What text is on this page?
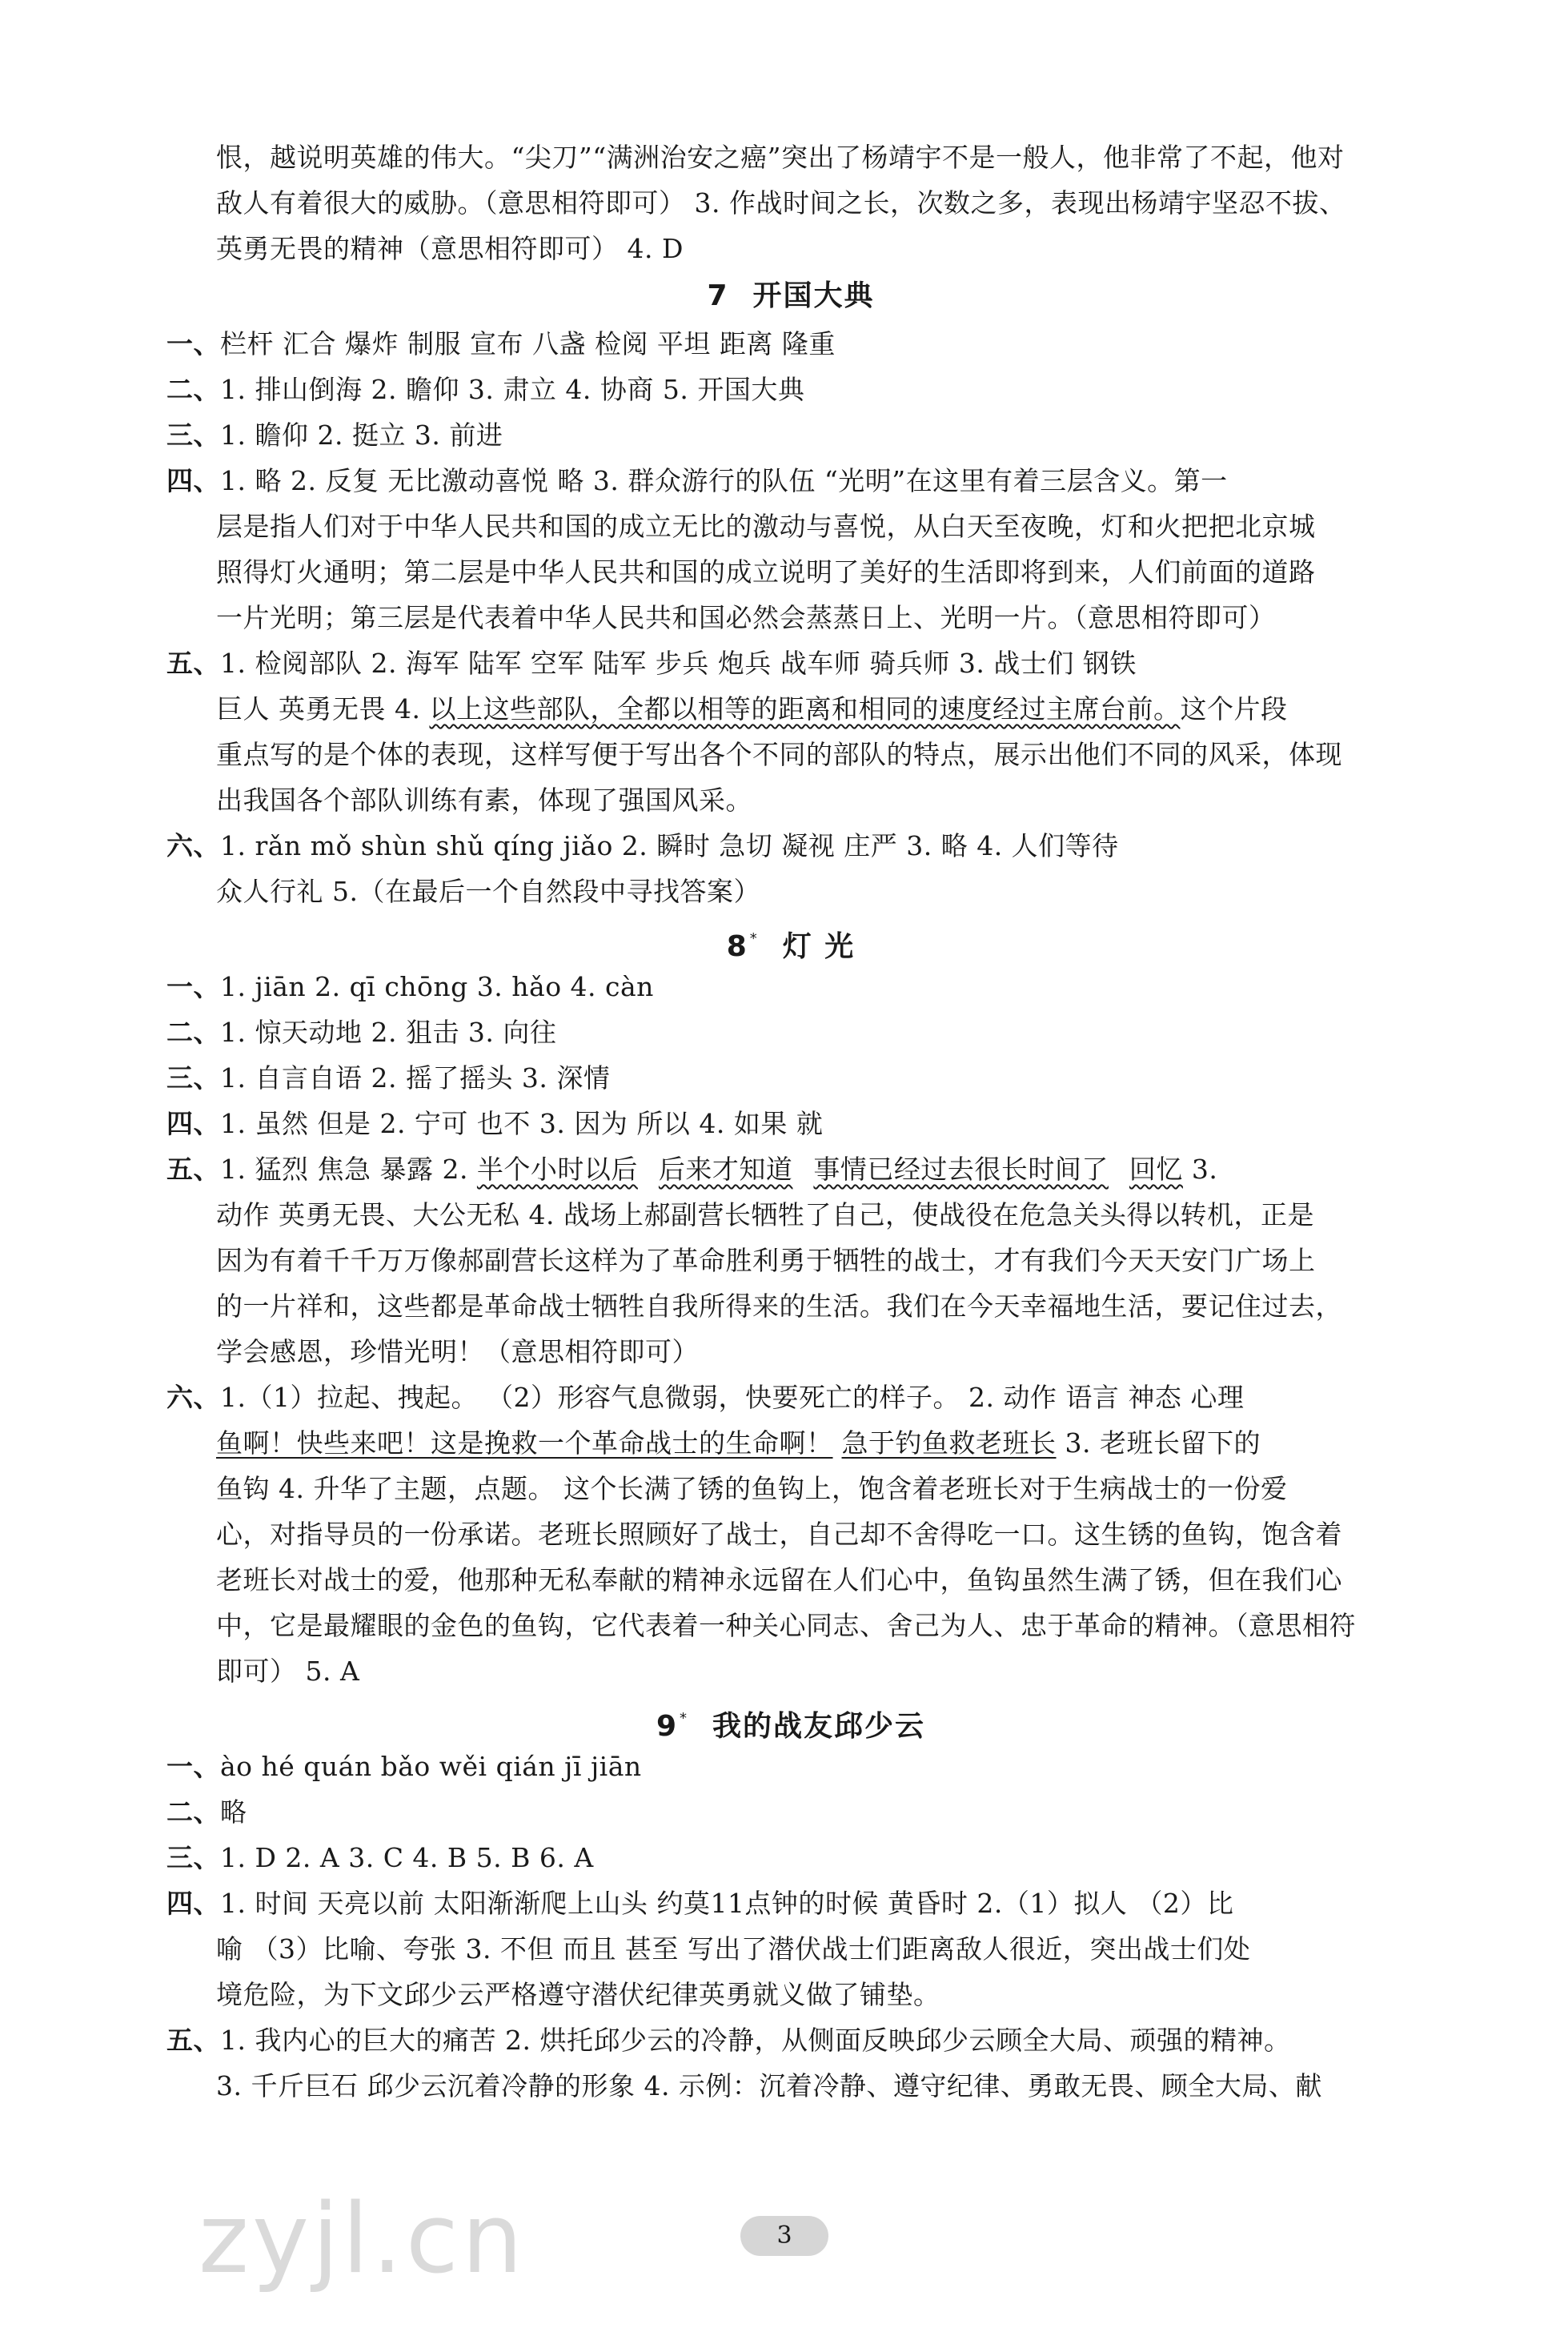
恨，越说明英雄的伟大。“尖刀”“满洲治安之癌”突出了杨靖宇不是一般人，他非常了不起，他对
敌人有着很大的威胁。（意思相符即可） 3. 作战时间之长，次数之多，表现出杨靖宇坚忍不拔、
英勇无畏的精神（意思相符即可） 4. D
7 开国大典
一、栏杆 汇合 爆炸 制服 宣布 八盏 检阅 平坦 距离 隆重
二、1. 排山倒海 2. 瞻仰 3. 肃立 4. 协商 5. 开国大典
三、1. 瞻仰 2. 挺立 3. 前进
四、1. 略 2. 反复 无比激动喜悦 略 3. 群众游行的队伍 “光明”在这里有着三层含义。第一
层是指人们对于中华人民共和国的成立无比的激动与喜悦，从白天至夜晚，灯和火把把北京城
照得灯火通明；第二层是中华人民共和国的成立说明了美好的生活即将到来，人们前面的道路
一片光明；第三层是代表着中华人民共和国必然会蒸蒸日上、光明一片。（意思相符即可）
五、1. 检阅部队 2. 海军 陆军 空军 陆军 步兵 炮兵 战车师 骑兵师 3. 战士们 钢铁
巨人 英勇无畏 4. 以上这些部队，全都以相等的距离和相同的速度经过主席台前。这个片段
重点写的是个体的表现，这样写便于写出各个不同的部队的特点，展示出他们不同的风采，体现
出我国各个部队训练有素，体现了强国风采。
六、1. rǎn mǒ shùn shǔ qíng jiǎo 2. 瞬时 急切 凝视 庄严 3. 略 4. 人们等待
众人行礼 5.（在最后一个自然段中寻找答案）
8 * 灯 光
一、1. jiān 2. qī chōng 3. hǎo 4. càn
二、1. 惊天动地 2. 狙击 3. 向往
三、1. 自言自语 2. 摇了摇头 3. 深情
四、1. 虽然 但是 2. 宁可 也不 3. 因为 所以 4. 如果 就
五、1. 猛烈 焦急 暴露 2. 半个小时以后 后来才知道 事情已经过去很长时间了 回忆 3.
动作 英勇无畏、大公无私 4. 战场上郝副营长牺牲了自己，使战役在危急关头得以转机，正是
因为有着千千万万像郝副营长这样为了革命胜利勇于牺牲的战士，才有我们今天天安门广场上
的一片祥和，这些都是革命战士牺牲自我所得来的生活。我们在今天幸福地生活，要记住过去，
学会感恩，珍惜光明！（意思相符即可）
六、1.（1）拉起、拽起。 （2）形容气息微弱，快要死亡的样子。 2. 动作 语言 神态 心理
鱼啊！快些来吧！这是挽救一个革命战士的生命啊！ 急于钓鱼救老班长 3. 老班长留下的
鱼钩 4. 升华了主题，点题。 这个长满了锈的鱼钩上，饱含着老班长对于生病战士的一份爱
心，对指导员的一份承诺。老班长照顾好了战士，自己却不舍得吃一口。这生锈的鱼钩，饱含着
老班长对战士的爱，他那种无私奉献的精神永远留在人们心中，鱼钩虽然生满了锈，但在我们心
中，它是最耀眼的金色的鱼钩，它代表着一种关心同志、舍己为人、忠于革命的精神。（意思相符
即可） 5. A
9 * 我的战友邱少云
一、ào hé quán bǎo wěi qián jī jiān
二、略
三、1. D 2. A 3. C 4. B 5. B 6. A
四、1. 时间 天亮以前 太阳渐渐爬上山头 约莫11点钟的时候 黄昏时 2.（1）拟人 （2）比
喻 （3）比喻、夸张 3. 不但 而且 甚至 写出了潜伏战士们距离敌人很近，突出战士们处
境危险，为下文邱少云严格遵守潜伏纪律英勇就义做了铺垫。
五、1. 我内心的巨大的痛苦 2. 烘托邱少云的冷静，从侧面反映邱少云顾全大局、顽强的精神。
3. 千斤巨石 邱少云沉着冷静的形象 4. 示例：沉着冷静、遵守纪律、勇敢无畏、顾全大局、献
zyjl.cn	3
